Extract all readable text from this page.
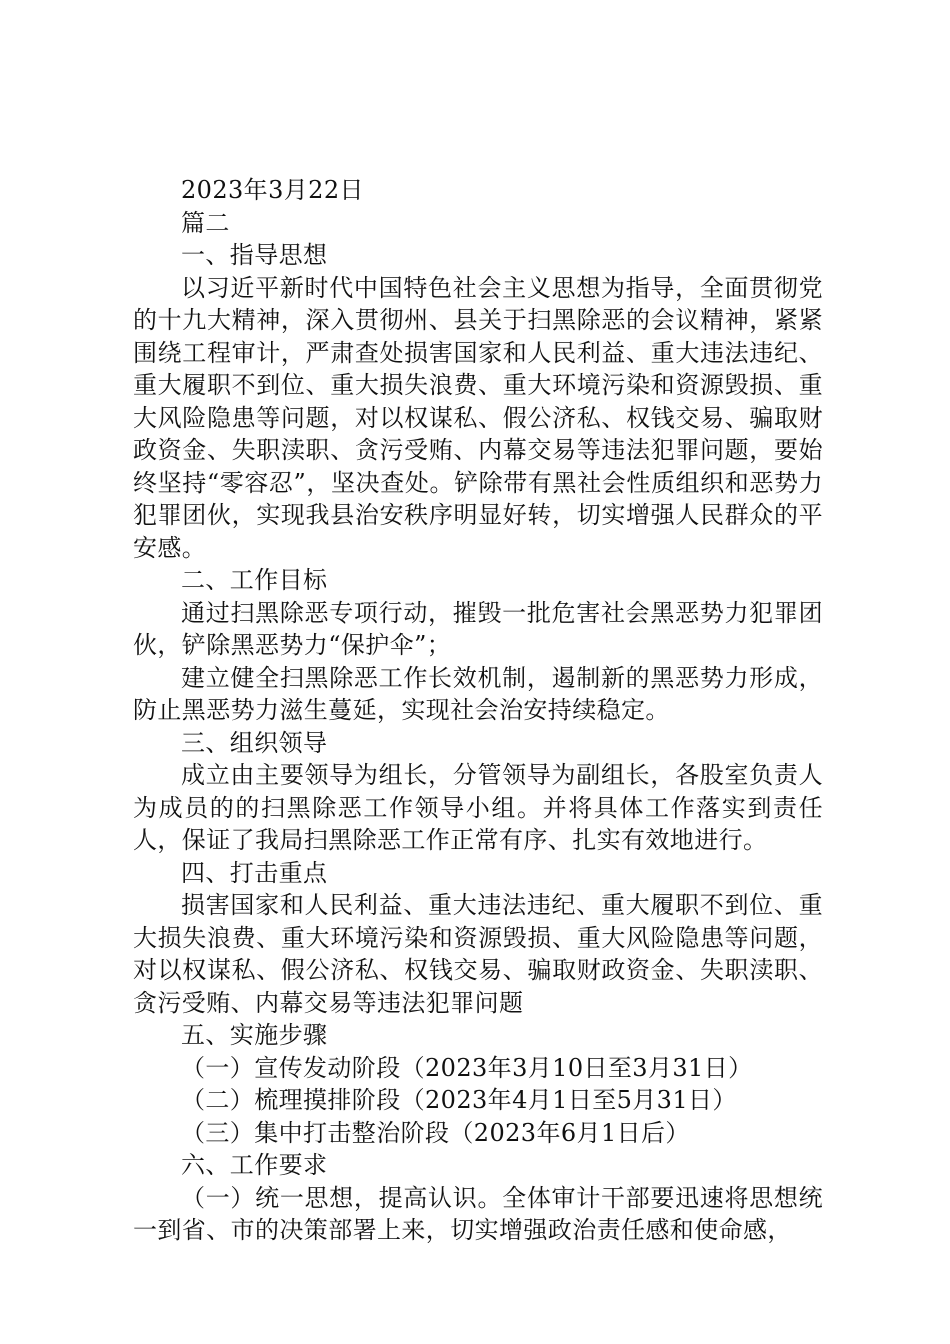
2023年3月22日

篇二

一、指导思想

以习近平新时代中国特色社会主义思想为指导，全面贯彻党的十九大精神，深入贯彻州、县关于扫黑除恶的会议精神，紧紧围绕工程审计，严肃查处损害国家和人民利益、重大违法违纪、重大履职不到位、重大损失浪费、重大环境污染和资源毁损、重大风险隐患等问题，对以权谋私、假公济私、权钱交易、骗取财政资金、失职渎职、贪污受贿、内幕交易等违法犯罪问题，要始终坚持“零容忍”，坚决查处。铲除带有黑社会性质组织和恶势力犯罪团伙，实现我县治安秩序明显好转，切实增强人民群众的平安感。

二、工作目标

通过扫黑除恶专项行动，摧毁一批危害社会黑恶势力犯罪团伙，铲除黑恶势力“保护伞”；

建立健全扫黑除恶工作长效机制，遏制新的黑恶势力形成，防止黑恶势力滋生蔓延，实现社会治安持续稳定。

三、组织领导

成立由主要领导为组长，分管领导为副组长，各股室负责人为成员的的扫黑除恶工作领导小组。并将具体工作落实到责任人，保证了我局扫黑除恶工作正常有序、扎实有效地进行。

四、打击重点

损害国家和人民利益、重大违法违纪、重大履职不到位、重大损失浪费、重大环境污染和资源毁损、重大风险隐患等问题，对以权谋私、假公济私、权钱交易、骗取财政资金、失职渎职、贪污受贿、内幕交易等违法犯罪问题

五、实施步骤

（一）宣传发动阶段（2023年3月10日至3月31日）

（二）梳理摸排阶段（2023年4月1日至5月31日）

（三）集中打击整治阶段（2023年6月1日后）

六、工作要求

（一）统一思想，提高认识。全体审计干部要迅速将思想统一到省、市的决策部署上来，切实增强政治责任感和使命感，
